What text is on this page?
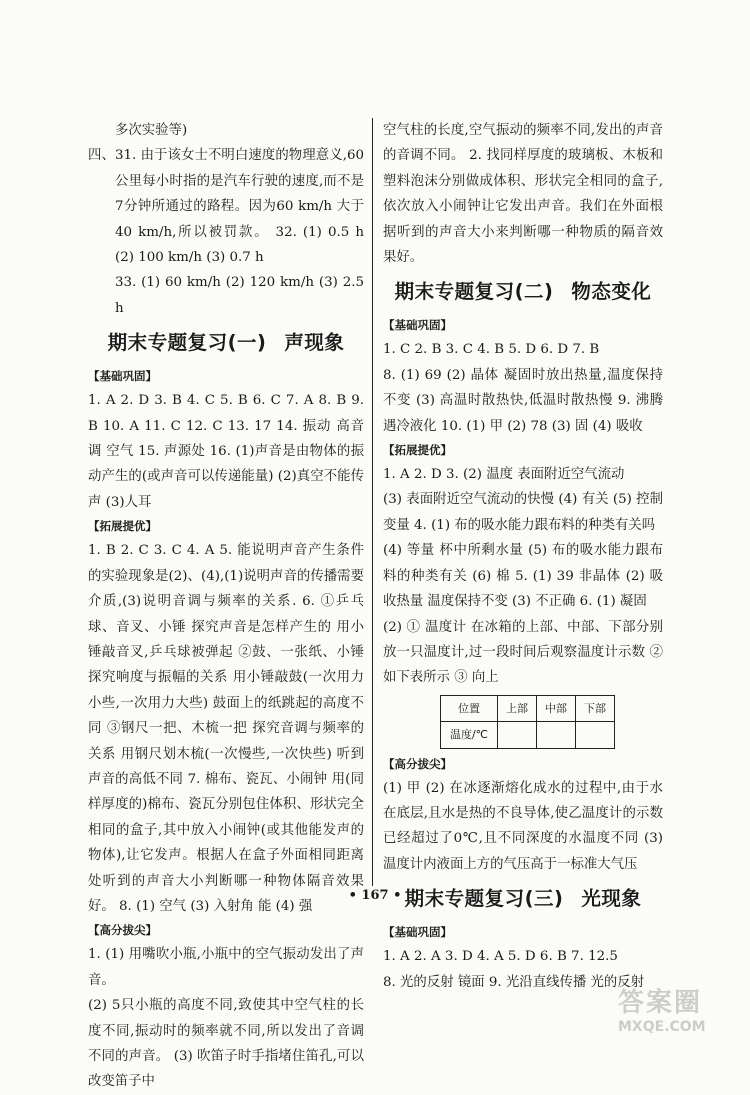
多次实验等)

四、31. 由于该女士不明白速度的物理意义,60公里每小时指的是汽车行驶的速度,而不是7分钟所通过的路程。因为60 km/h 大于40 km/h,所以被罚款。 32. (1) 0.5 h (2) 100 km/h (3) 0.7 h

33. (1) 60 km/h (2) 120 km/h (3) 2.5 h

期末专题复习(一) 声现象

【基础巩固】

1. A 2. D 3. B 4. C 5. B 6. C 7. A 8. B 9. B 10. A 11. C 12. C 13. 17 14. 振动 高音调 空气 15. 声源处 16. (1)声音是由物体的振动产生的(或声音可以传递能量) (2)真空不能传声 (3)人耳

【拓展提优】

1. B 2. C 3. C 4. A 5. 能说明声音产生条件的实验现象是(2)、(4),(1)说明声音的传播需要介质,(3)说明音调与频率的关系. 6. ①乒乓球、音叉、小锤 探究声音是怎样产生的 用小锤敲音叉,乒乓球被弹起 ②鼓、一张纸、小锤 探究响度与振幅的关系 用小锤敲鼓(一次用力小些,一次用力大些) 鼓面上的纸跳起的高度不同 ③钢尺一把、木梳一把 探究音调与频率的关系 用钢尺划木梳(一次慢些,一次快些) 听到声音的高低不同 7. 棉布、瓷瓦、小闹钟 用(同样厚度的)棉布、瓷瓦分别包住体积、形状完全相同的盒子,其中放入小闹钟(或其他能发声的物体),让它发声。根据人在盒子外面相同距离处听到的声音大小判断哪一种物体隔音效果好。 8. (1) 空气 (3) 入射角 能 (4) 强

【高分拔尖】

1. (1) 用嘴吹小瓶,小瓶中的空气振动发出了声音。

(2) 5只小瓶的高度不同,致使其中空气柱的长度不同,振动时的频率就不同,所以发出了音调不同的声音。 (3) 吹笛子时手指堵住笛孔,可以改变笛子中

空气柱的长度,空气振动的频率不同,发出的声音的音调不同。 2. 找同样厚度的玻璃板、木板和塑料泡沫分别做成体积、形状完全相同的盒子,依次放入小闹钟让它发出声音。我们在外面根据听到的声音大小来判断哪一种物质的隔音效果好。

期末专题复习(二) 物态变化

【基础巩固】

1. C 2. B 3. C 4. B 5. D 6. D 7. B

8. (1) 69 (2) 晶体 凝固时放出热量,温度保持不变 (3) 高温时散热快,低温时散热慢 9. 沸腾 遇冷液化 10. (1) 甲 (2) 78 (3) 固 (4) 吸收

【拓展提优】

1. A 2. D 3. (2) 温度 表面附近空气流动

(3) 表面附近空气流动的快慢 (4) 有关 (5) 控制变量 4. (1) 布的吸水能力跟布料的种类有关吗

(4) 等量 杯中所剩水量 (5) 布的吸水能力跟布料的种类有关 (6) 棉 5. (1) 39 非晶体 (2) 吸收热量 温度保持不变 (3) 不正确 6. (1) 凝固

(2) ① 温度计 在冰箱的上部、中部、下部分别放一只温度计,过一段时间后观察温度计示数 ② 如下表所示 ③ 向上

位置	上部	中部	下部
温度/℃			

【高分拔尖】

(1) 甲 (2) 在冰逐渐熔化成水的过程中,由于水在底层,且水是热的不良导体,使乙温度计的示数已经超过了0℃,且不同深度的水温度不同 (3) 温度计内液面上方的气压高于一标准大气压

期末专题复习(三) 光现象

【基础巩固】

1. A 2. A 3. D 4. A 5. D 6. B 7. 12.5

8. 光的反射 镜面 9. 光沿直线传播 光的反射

• 167 •
答案圈
MXQE.COM
